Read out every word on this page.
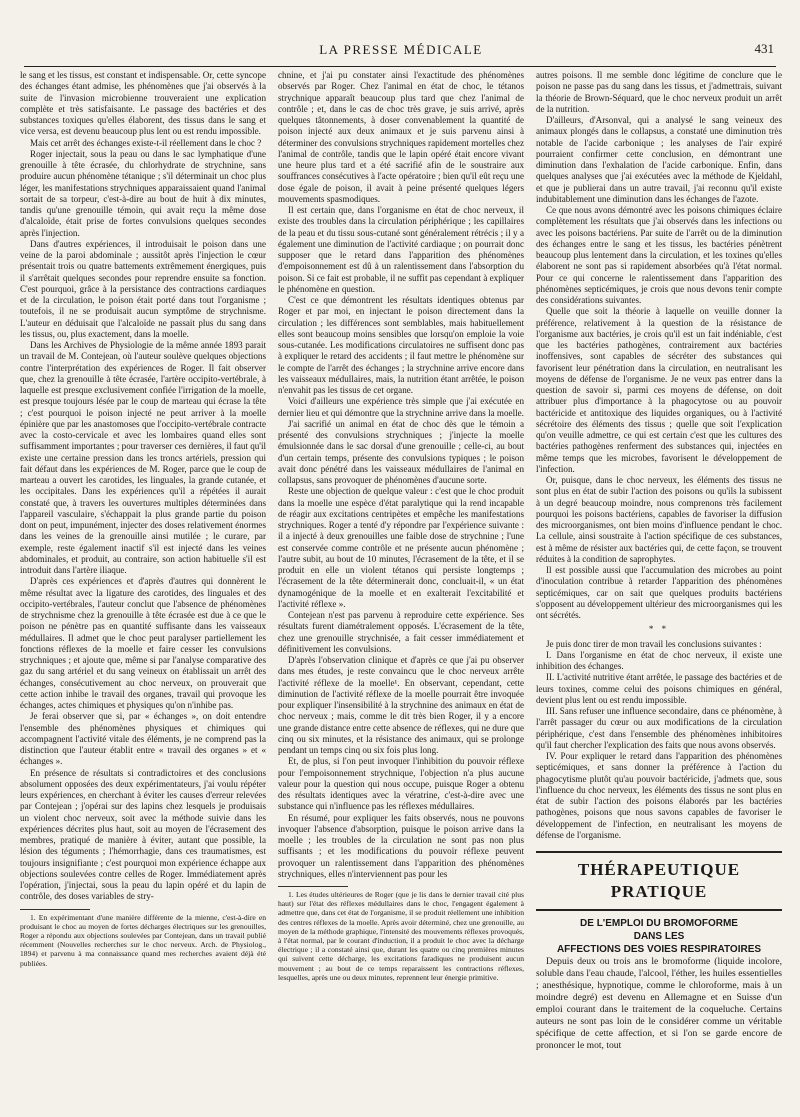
LA PRESSE MÉDICALE	431

le sang et les tissus, est constant et indispensable. Or, cette syncope des échanges étant admise, les phénomènes que j'ai observés à la suite de l'invasion microbienne trouveraient une explication complète et très satisfaisante. Le passage des bactéries et des substances toxiques qu'elles élaborent, des tissus dans le sang et vice versa, est devenu beaucoup plus lent ou est rendu impossible.

Mais cet arrêt des échanges existe-t-il réellement dans le choc ?

Roger injectait, sous la peau ou dans le sac lymphatique d'une grenouille à tête écrasée, du chlorhydrate de strychnine, sans produire aucun phénomène tétanique ; s'il déterminait un choc plus léger, les manifestations strychniques apparaissaient quand l'animal sortait de sa torpeur, c'est-à-dire au bout de huit à dix minutes, tandis qu'une grenouille témoin, qui avait reçu la même dose d'alcaloïde, était prise de fortes convulsions quelques secondes après l'injection.

Dans d'autres expériences, il introduisait le poison dans une veine de la paroi abdominale ; aussitôt après l'injection le cœur présentait trois ou quatre battements extrêmement énergiques, puis il s'arrêtait quelques secondes pour reprendre ensuite sa fonction. C'est pourquoi, grâce à la persistance des contractions cardiaques et de la circulation, le poison était porté dans tout l'organisme ; toutefois, il ne se produisait aucun symptôme de strychnisme. L'auteur en déduisait que l'alcaloïde ne passait plus du sang dans les tissus, ou, plus exactement, dans la moelle.

Dans les Archives de Physiologie de la même année 1893 parait un travail de M. Contejean, où l'auteur soulève quelques objections contre l'interprétation des expériences de Roger. Il fait observer que, chez la grenouille à tête écrasée, l'artère occipito-vertébrale, à laquelle est presque exclusivement confiée l'irrigation de la moelle, est presque toujours lésée par le coup de marteau qui écrase la tête ; c'est pourquoi le poison injecté ne peut arriver à la moelle épinière que par les anastomoses que l'occipito-vertébrale contracte avec la costo-cervicale et avec les lombaires quand elles sont suffisamment importantes ; pour traverser ces dernières, il faut qu'il existe une certaine pression dans les troncs artériels, pression qui fait défaut dans les expériences de M. Roger, parce que le coup de marteau a ouvert les carotides, les linguales, la grande cutanée, et les occipitales. Dans les expériences qu'il a répétées il aurait constaté que, à travers les ouvertures multiples déterminées dans l'appareil vasculaire, s'échappait la plus grande partie du poison dont on peut, impunément, injecter des doses relativement énormes dans les veines de la grenouille ainsi mutilée ; le curare, par exemple, reste également inactif s'il est injecté dans les veines abdominales, et produit, au contraire, son action habituelle s'il est introduit dans l'artère iliaque.

D'après ces expériences et d'après d'autres qui donnèrent le même résultat avec la ligature des carotides, des linguales et des occipito-vertébrales, l'auteur conclut que l'absence de phénomènes de strychnisme chez la grenouille à tête écrasée est due à ce que le poison ne pénètre pas en quantité suffisante dans les vaisseaux médullaires. Il admet que le choc peut paralyser partiellement les fonctions réflexes de la moelle et faire cesser les convulsions strychniques ; et ajoute que, même si par l'analyse comparative des gaz du sang artériel et du sang veineux on établissait un arrêt des échanges, consécutivement au choc nerveux, on prouverait que cette action inhibe le travail des organes, travail qui provoque les échanges, actes chimiques et physiques qu'on n'inhibe pas.

Je ferai observer que si, par « échanges », on doit entendre l'ensemble des phénomènes physiques et chimiques qui accompagnent l'activité vitale des éléments, je ne comprend pas la distinction que l'auteur établit entre « travail des organes » et « échanges ».

En présence de résultats si contradictoires et des conclusions absolument opposées des deux expérimentateurs, j'ai voulu répéter leurs expériences, en cherchant à éviter les causes d'erreur relevées par Contejean ; j'opérai sur des lapins chez lesquels je produisais un violent choc nerveux, soit avec la méthode suivie dans les expériences décrites plus haut, soit au moyen de l'écrasement des membres, pratiqué de manière à éviter, autant que possible, la lésion des téguments ; l'hémorrhagie, dans ces traumatismes, est toujours insignifiante ; c'est pourquoi mon expérience échappe aux objections soulevées contre celles de Roger. Immédiatement après l'opération, j'injectai, sous la peau du lapin opéré et du lapin de contrôle, des doses variables de stry-

1. En expérimentant d'une manière différente de la mienne, c'est-à-dire en produisant le choc au moyen de fortes décharges électriques sur les grenouilles, Roger a répondu aux objections soulevées par Contejean, dans un travail publié récemment (Nouvelles recherches sur le choc nerveux. Arch. de Physiolog., 1894) et parvenu à ma connaissance quand mes recherches avaient déjà été publiées.

chnine, et j'ai pu constater ainsi l'exactitude des phénomènes observés par Roger. Chez l'animal en état de choc, le tétanos strychnique apparaît beaucoup plus tard que chez l'animal de contrôle ; et, dans le cas de choc très grave, je suis arrivé, après quelques tâtonnements, à doser convenablement la quantité de poison injecté aux deux animaux et je suis parvenu ainsi à déterminer des convulsions strychniques rapidement mortelles chez l'animal de contrôle, tandis que le lapin opéré était encore vivant une heure plus tard et a été sacrifié afin de le soustraire aux souffrances consécutives à l'acte opératoire ; bien qu'il eût reçu une dose égale de poison, il avait à peine présenté quelques légers mouvements spasmodiques.

Il est certain que, dans l'organisme en état de choc nerveux, il existe des troubles dans la circulation périphérique ; les capillaires de la peau et du tissu sous-cutané sont généralement rétrécis ; il y a également une diminution de l'activité cardiaque ; on pourrait donc supposer que le retard dans l'apparition des phénomènes d'empoisonnement est dû à un ralentissement dans l'absorption du poison. Si ce fait est probable, il ne suffit pas cependant à expliquer le phénomène en question.

C'est ce que démontrent les résultats identiques obtenus par Roger et par moi, en injectant le poison directement dans la circulation ; les différences sont semblables, mais habituellement elles sont beaucoup moins sensibles que lorsqu'on emploie la voie sous-cutanée. Les modifications circulatoires ne suffisent donc pas à expliquer le retard des accidents ; il faut mettre le phénomène sur le compte de l'arrêt des échanges ; la strychnine arrive encore dans les vaisseaux médullaires, mais, la nutrition étant arrêtée, le poison n'envahit pas les tissus de cet organe.

Voici d'ailleurs une expérience très simple que j'ai exécutée en dernier lieu et qui démontre que la strychnine arrive dans la moelle.

J'ai sacrifié un animal en état de choc dès que le témoin a présenté des convulsions strychniques ; j'injecte la moelle émulsionnée dans le sac dorsal d'une grenouille ; celle-ci, au bout d'un certain temps, présente des convulsions typiques ; le poison avait donc pénétré dans les vaisseaux médullaires de l'animal en collapsus, sans provoquer de phénomènes d'aucune sorte.

Reste une objection de quelque valeur : c'est que le choc produit dans la moelle une espèce d'état paralytique qui la rend incapable de réagir aux excitations centripètes et empêche les manifestations strychniques. Roger a tenté d'y répondre par l'expérience suivante : il a injecté à deux grenouilles une faible dose de strychnine ; l'une est conservée comme contrôle et ne présente aucun phénomène ; l'autre subit, au bout de 10 minutes, l'écrasement de la tête, et il se produit en elle un violent tétanos qui persiste longtemps ; l'écrasement de la tête déterminerait donc, concluait-il, « un état dynamogénique de la moelle et en exalterait l'excitabilité et l'activité réflexe ».

Contejean n'est pas parvenu à reproduire cette expérience. Ses résultats furent diamétralement opposés. L'écrasement de la tête, chez une grenouille strychnisée, a fait cesser immédiatement et définitivement les convulsions.

D'après l'observation clinique et d'après ce que j'ai pu observer dans mes études, je reste convaincu que le choc nerveux arrête l'activité réflexe de la moelle¹. En observant, cependant, cette diminution de l'activité réflexe de la moelle pourrait être invoquée pour expliquer l'insensibilité à la strychnine des animaux en état de choc nerveux ; mais, comme le dit très bien Roger, il y a encore une grande distance entre cette absence de réflexes, qui ne dure que cinq ou six minutes, et la résistance des animaux, qui se prolonge pendant un temps cinq ou six fois plus long.

Et, de plus, si l'on peut invoquer l'inhibition du pouvoir réflexe pour l'empoisonnement strychnique, l'objection n'a plus aucune valeur pour la question qui nous occupe, puisque Roger a obtenu des résultats identiques avec la vératrine, c'est-à-dire avec une substance qui n'influence pas les réflexes médullaires.

En résumé, pour expliquer les faits observés, nous ne pouvons invoquer l'absence d'absorption, puisque le poison arrive dans la moelle ; les troubles de la circulation ne sont pas non plus suffisants ; et les modifications du pouvoir réflexe peuvent provoquer un ralentissement dans l'apparition des phénomènes strychniques, elles n'interviennent pas pour les

1. Les études ultérieures de Roger (que je lis dans le dernier travail cité plus haut) sur l'état des réflexes médullaires dans le choc, l'engagent également à admettre que, dans cet état de l'organisme, il se produit réellement une inhibition des centres réflexes de la moelle. Après avoir déterminé, chez une grenouille, au moyen de la méthode graphique, l'intensité des mouvements réflexes provoqués, à l'état normal, par le courant d'induction, il a produit le choc avec la décharge électrique ; il a constaté ainsi que, durant les quatre ou cinq premières minutes qui suivent cette décharge, les excitations faradiques ne produisent aucun mouvement ; au bout de ce temps reparaissent les contractions réflexes, lesquelles, après une ou deux minutes, reprennent leur énergie primitive.

autres poisons. Il me semble donc légitime de conclure que le poison ne passe pas du sang dans les tissus, et j'admettrais, suivant la théorie de Brown-Séquard, que le choc nerveux produit un arrêt de la nutrition.

D'ailleurs, d'Arsonval, qui a analysé le sang veineux des animaux plongés dans le collapsus, a constaté une diminution très notable de l'acide carbonique ; les analyses de l'air expiré pourraient confirmer cette conclusion, en démontrant une diminution dans l'exhalation de l'acide carbonique. Enfin, dans quelques analyses que j'ai exécutées avec la méthode de Kjeldahl, et que je publierai dans un autre travail, j'ai reconnu qu'il existe indubitablement une diminution dans les échanges de l'azote.

Ce que nous avons démontré avec les poisons chimiques éclaire complètement les résultats que j'ai observés dans les infections ou avec les poisons bactériens. Par suite de l'arrêt ou de la diminution des échanges entre le sang et les tissus, les bactéries pénètrent beaucoup plus lentement dans la circulation, et les toxines qu'elles élaborent ne sont pas si rapidement absorbées qu'à l'état normal. Pour ce qui concerne le ralentissement dans l'apparition des phénomènes septicémiques, je crois que nous devons tenir compte des considérations suivantes.

Quelle que soit la théorie à laquelle on veuille donner la préférence, relativement à la question de la résistance de l'organisme aux bactéries, je crois qu'il est un fait indéniable, c'est que les bactéries pathogènes, contrairement aux bactéries inoffensives, sont capables de sécréter des substances qui favorisent leur pénétration dans la circulation, en neutralisant les moyens de défense de l'organisme. Je ne veux pas entrer dans la question de savoir si, parmi ces moyens de défense, on doit attribuer plus d'importance à la phagocytose ou au pouvoir bactéricide et antitoxique des liquides organiques, ou à l'activité sécrétoire des éléments des tissus ; quelle que soit l'explication qu'on veuille admettre, ce qui est certain c'est que les cultures des bactéries pathogènes renferment des substances qui, injectées en même temps que les microbes, favorisent le développement de l'infection.

Or, puisque, dans le choc nerveux, les éléments des tissus ne sont plus en état de subir l'action des poisons ou qu'ils la subissent à un degré beaucoup moindre, nous comprenons très facilement pourquoi les poisons bactériens, capables de favoriser la diffusion des microorganismes, ont bien moins d'influence pendant le choc. La cellule, ainsi soustraite à l'action spécifique de ces substances, est à même de résister aux bactéries qui, de cette façon, se trouvent réduites à la condition de saprophytes.

Il est possible aussi que l'accumulation des microbes au point d'inoculation contribue à retarder l'apparition des phénomènes septicémiques, car on sait que quelques produits bactériens s'opposent au développement ultérieur des microorganismes qui les ont sécrétés.

* *

Je puis donc tirer de mon travail les conclusions suivantes :

I. Dans l'organisme en état de choc nerveux, il existe une inhibition des échanges.

II. L'activité nutritive étant arrêtée, le passage des bactéries et de leurs toxines, comme celui des poisons chimiques en général, devient plus lent ou est rendu impossible.

III. Sans refuser une influence secondaire, dans ce phénomène, à l'arrêt passager du cœur ou aux modifications de la circulation périphérique, c'est dans l'ensemble des phénomènes inhibitoires qu'il faut chercher l'explication des faits que nous avons observés.

IV. Pour expliquer le retard dans l'apparition des phénomènes septicémiques, et sans donner la préférence à l'action du phagocytisme plutôt qu'au pouvoir bactéricide, j'admets que, sous l'influence du choc nerveux, les éléments des tissus ne sont plus en état de subir l'action des poisons élaborés par les bactéries pathogènes, poisons que nous savons capables de favoriser le développement de l'infection, en neutralisant les moyens de défense de l'organisme.

THÉRAPEUTIQUE PRATIQUE

DE L'EMPLOI DU BROMOFORME

DANS LES

AFFECTIONS DES VOIES RESPIRATOIRES

Depuis deux ou trois ans le bromoforme (liquide incolore, soluble dans l'eau chaude, l'alcool, l'éther, les huiles essentielles ; anesthésique, hypnotique, comme le chloroforme, mais à un moindre degré) est devenu en Allemagne et en Suisse d'un emploi courant dans le traitement de la coqueluche. Certains auteurs ne sont pas loin de le considérer comme un véritable spécifique de cette affection, et si l'on se garde encore de prononcer le mot, tout
